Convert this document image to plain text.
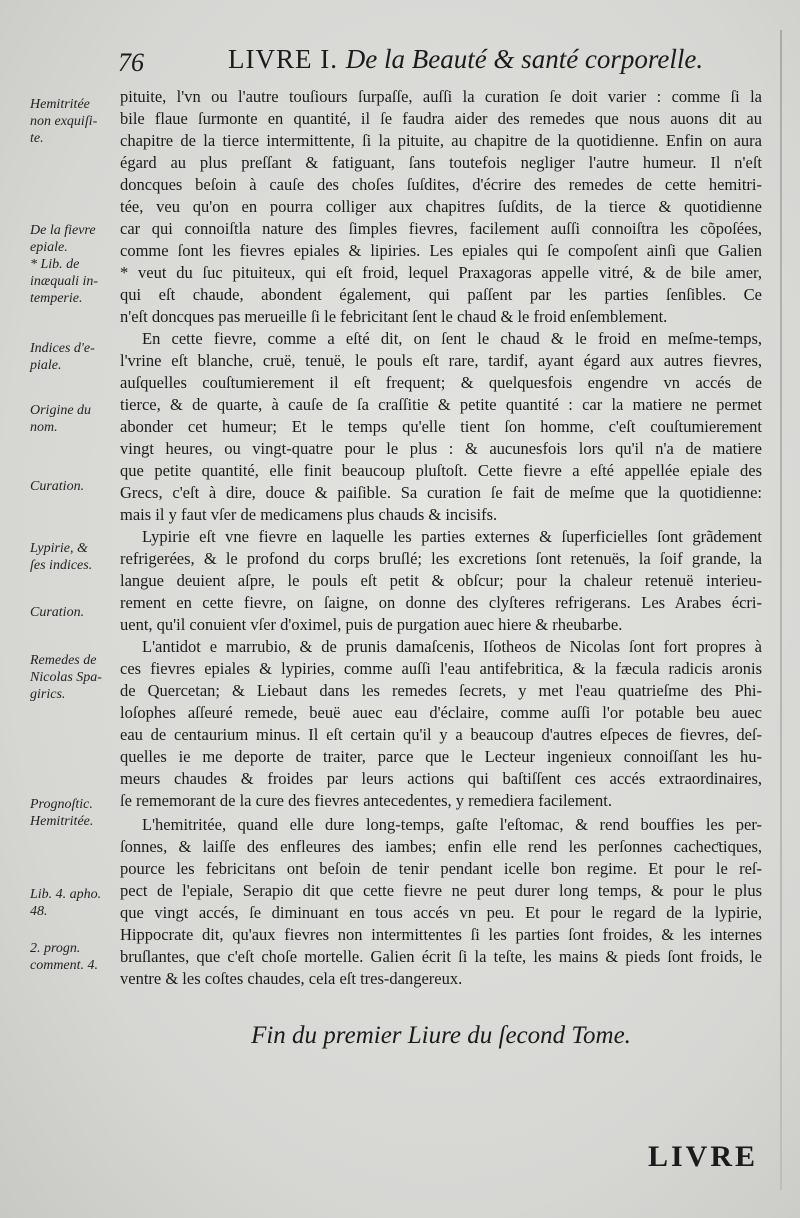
76	LIVRE I. De la Beauté & santé corporelle.
Hemitritée
non exquiſi-
te.
De la fievre
epiale.
* Lib. de
inæquali in-
temperie.
Indices d'e-
piale.
Origine du
nom.
Curation.
Lypirie, &
ſes indices.
Curation.
Remedes de
Nicolas Spa-
girics.
Prognoſtic.
Hemitritée.
Lib. 4. apho.
48.
2. progn.
comment. 4.
pituite, l'vn ou l'autre touſiours ſurpaſſe, auſſi la curation ſe doit varier : comme ſi la
bile flaue ſurmonte en quantité, il ſe faudra aider des remedes que nous auons dit au
chapitre de la tierce intermittente, ſi la pituite, au chapitre de la quotidienne. Enfin on aura
égard au plus preſſant & fatiguant, ſans toutefois negliger l'autre humeur. Il n'eſt
doncques beſoin à cauſe des choſes ſuſdites, d'écrire des remedes de cette hemitri-
tée, veu qu'on en pourra colliger aux chapitres ſuſdits, de la tierce & quotidienne
car qui connoiſtla nature des ſimples fievres, facilement auſſi connoiſtra les cõpoſées,
comme ſont les fievres epiales & lipiries. Les epiales qui ſe compoſent ainſi que Galien
* veut du ſuc pituiteux, qui eſt froid, lequel Praxagoras appelle vitré, & de bile amer,
qui eſt chaude, abondent également, qui paſſent par les parties ſenſibles. Ce
n'eſt doncques pas merueille ſi le febricitant ſent le chaud & le froid enſemblement.
En cette fievre, comme a eſté dit, on ſent le chaud & le froid en meſme-temps,
l'vrine eſt blanche, cruë, tenuë, le pouls eſt rare, tardif, ayant égard aux autres fievres,
auſquelles couſtumierement il eſt frequent; & quelquesfois engendre vn accés de
tierce, & de quarte, à cauſe de ſa craſſitie & petite quantité : car la matiere ne permet
abonder cet humeur; Et le temps qu'elle tient ſon homme, c'eſt couſtumierement
vingt heures, ou vingt-quatre pour le plus : & aucunesfois lors qu'il n'a de matiere
que petite quantité, elle finit beaucoup pluſtoſt. Cette fievre a eſté appellée epiale des
Grecs, c'eſt à dire, douce & paiſible. Sa curation ſe fait de meſme que la quotidienne:
mais il y faut vſer de medicamens plus chauds & incisifs.
Lypirie eſt vne fievre en laquelle les parties externes & ſuperficielles ſont grãdement
refrigerées, & le profond du corps bruſlé; les excretions ſont retenuës, la ſoif grande, la
langue deuient aſpre, le pouls eſt petit & obſcur; pour la chaleur retenuë interieu-
rement en cette fievre, on ſaigne, on donne des clyſteres refrigerans. Les Arabes écri-
uent, qu'il conuient vſer d'oximel, puis de purgation auec hiere & rheubarbe.
L'antidot e marrubio, & de prunis damaſcenis, Iſotheos de Nicolas ſont fort propres à
ces fievres epiales & lypiries, comme auſſi l'eau antifebritica, & la fæcula radicis aronis
de Quercetan; & Liebaut dans les remedes ſecrets, y met l'eau quatrieſme des Phi-
loſophes aſſeuré remede, beuë auec eau d'éclaire, comme auſſi l'or potable beu auec
eau de centaurium minus. Il eſt certain qu'il y a beaucoup d'autres eſpeces de fievres, deſ-
quelles ie me deporte de traiter, parce que le Lecteur ingenieux connoiſſant les hu-
meurs chaudes & froides par leurs actions qui baſtiſſent ces accés extraordinaires,
ſe rememorant de la cure des fievres antecedentes, y remediera facilement.
L'hemitritée, quand elle dure long-temps, gaſte l'eſtomac, & rend bouffies les per-
ſonnes, & laiſſe des enfleures des iambes; enfin elle rend les perſonnes cacheƈtiques,
pource les febricitans ont beſoin de tenir pendant icelle bon regime. Et pour le reſ-
pect de l'epiale, Serapio dit que cette fievre ne peut durer long temps, & pour le plus
que vingt accés, ſe diminuant en tous accés vn peu. Et pour le regard de la lypirie,
Hippocrate dit, qu'aux fievres non intermittentes ſi les parties ſont froides, & les internes
bruſlantes, que c'eſt choſe mortelle. Galien écrit ſi la teſte, les mains & pieds ſont froids, le
ventre & les coſtes chaudes, cela eſt tres-dangereux.
Fin du premier Liure du ſecond Tome.
LIVRE
